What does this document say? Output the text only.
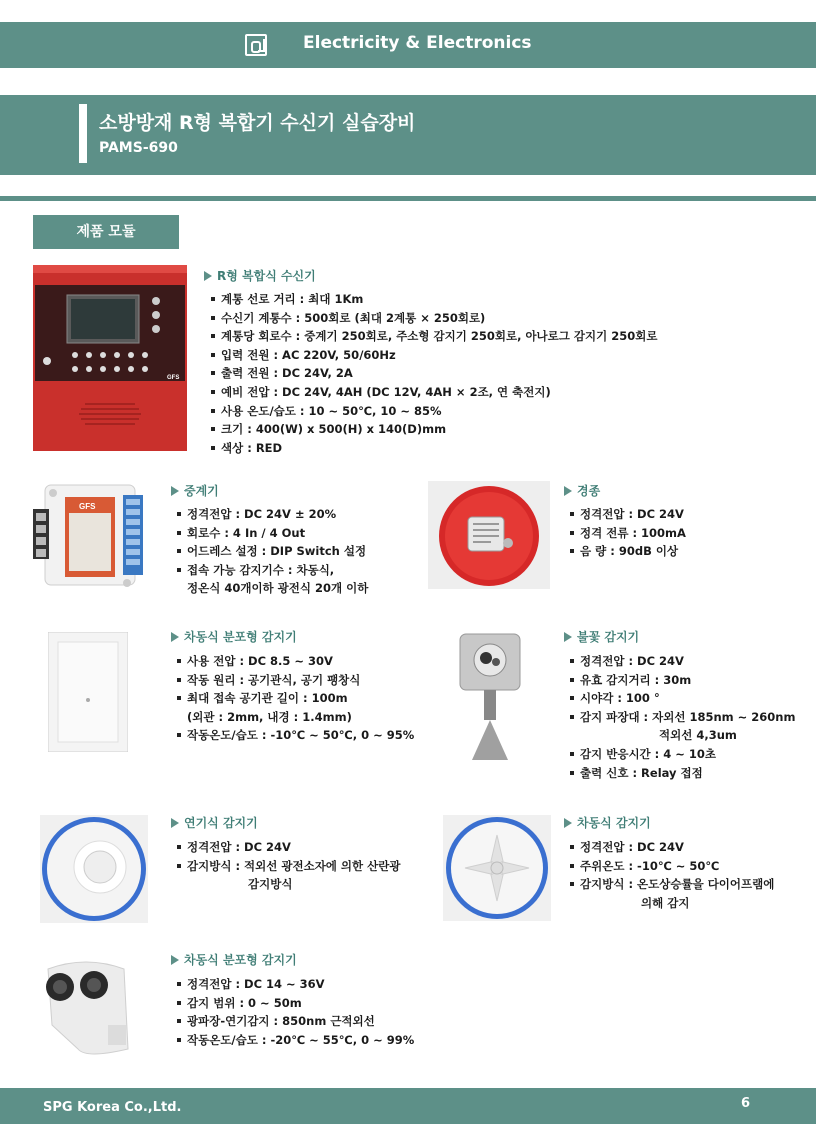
Electricity & Electronics
소방방재 R형 복합기 수신기 실습장비
PAMS-690
제품 모듈
GFS
R형 복합식 수신기
계통 선로 거리 : 최대 1Km
수신기 계통수 : 500회로 (최대 2계통 × 250회로)
계통당 회로수 : 중계기 250회로, 주소형 감지기 250회로, 아나로그 감지기 250회로
입력 전원 : AC 220V, 50/60Hz
출력 전원 : DC 24V, 2A
예비 전압 : DC 24V, 4AH (DC 12V, 4AH × 2조, 연 축전지)
사용 온도/습도 : 10 ~ 50℃, 10 ~ 85%
크기 : 400(W) x 500(H) x 140(D)mm
색상 : RED
GFS
중계기
정격전압 : DC 24V ± 20%
회로수 : 4 In / 4 Out
어드레스 설정 : DIP Switch 설정
접속 가능 감지기수 : 차동식,
정온식 40개이하 광전식 20개 이하
경종
정격전압 : DC 24V
정격 전류 : 100mA
음 량 : 90dB 이상
차동식 분포형 감지기
사용 전압 : DC 8.5 ~ 30V
작동 원리 : 공기관식, 공기 팽창식
최대 접속 공기관 길이 : 100m
(외관 : 2mm, 내경 : 1.4mm)
작동온도/습도 : -10℃ ~ 50℃, 0 ~ 95%
불꽃 감지기
정격전압 : DC 24V
유효 감지거리 : 30m
시야각 : 100 °
감지 파장대 : 자외선 185nm ~ 260nm
적외선 4,3um
감지 반응시간 : 4 ~ 10초
출력 신호 : Relay 접점
연기식 감지기
정격전압 : DC 24V
감지방식 : 적외선 광전소자에 의한 산란광
감지방식
차동식 감지기
정격전압 : DC 24V
주위온도 : -10℃ ~ 50℃
감지방식 : 온도상승률을 다이어프램에
의해 감지
차동식 분포형 감지기
정격전압 : DC 14 ~ 36V
감지 범위 : 0 ~ 50m
광파장-연기감지 : 850nm 근적외선
작동온도/습도 : -20℃ ~ 55℃, 0 ~ 99%
SPG Korea Co.,Ltd.	6
